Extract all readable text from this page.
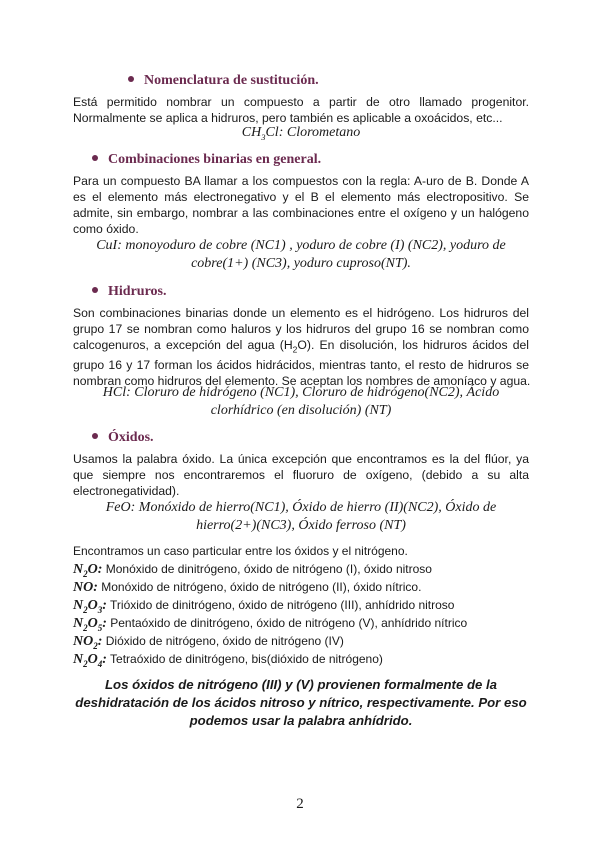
Nomenclatura de sustitución.
Está permitido nombrar un compuesto a partir de otro llamado progenitor.
Normalmente se aplica a hidruros, pero también es aplicable a oxoácidos, etc...
$CH_3Cl$: Clorometano
Combinaciones binarias en general.
Para un compuesto BA llamar a los compuestos con la regla: A-uro de B. Donde A
es el elemento más electronegativo y el B el elemento más electropositivo. Se
admite, sin embargo, nombrar a las combinaciones entre el oxígeno y un halógeno
como óxido.
CuI: monoyoduro de cobre (NC1) , yoduro de cobre (I) (NC2), yoduro de
cobre(1+) (NC3), yoduro cuproso(NT).
Hidruros.
Son combinaciones binarias donde un elemento es el hidrógeno. Los hidruros del
grupo 17 se nombran como haluros y los hidruros del grupo 16 se nombran como
calcogenuros, a excepción del agua $(H_2O)$. En disolución, los hidruros ácidos del
grupo 16 y 17 forman los ácidos hidrácidos, mientras tanto, el resto de hidruros se
nombran como hidruros del elemento. Se aceptan los nombres de amoníaco y agua.
HCl: Cloruro de hidrógeno (NC1), Cloruro de hidrógeno(NC2), Ácido
clorhídrico (en disolución) (NT)
Óxidos.
Usamos la palabra óxido. La única excepción que encontramos es la del flúor, ya
que siempre nos encontraremos el fluoruro de oxígeno, (debido a su alta
electronegatividad).
FeO: Monóxido de hierro(NC1), Óxido de hierro (II)(NC2), Óxido de
hierro(2+)(NC3), Óxido ferroso (NT)
Encontramos un caso particular entre los óxidos y el nitrógeno.
$N_2O$: Monóxido de dinitrógeno, óxido de nitrógeno (I), óxido nitroso
NO: Monóxido de nitrógeno, óxido de nitrógeno (II), óxido nítrico.
$N_2O_3$: Trióxido de dinitrógeno, óxido de nitrógeno (III), anhídrido nitroso
$N_2O_5$: Pentaóxido de dinitrógeno, óxido de nitrógeno (V), anhídrido nítrico
$NO_2$: Dióxido de nitrógeno, óxido de nitrógeno (IV)
$N_2O_4$: Tetraóxido de dinitrógeno, bis(dióxido de nitrógeno)
Los óxidos de nitrógeno (III) y (V) provienen formalmente de la
deshidratación de los ácidos nitroso y nítrico, respectivamente. Por eso
podemos usar la palabra anhídrido.
2
